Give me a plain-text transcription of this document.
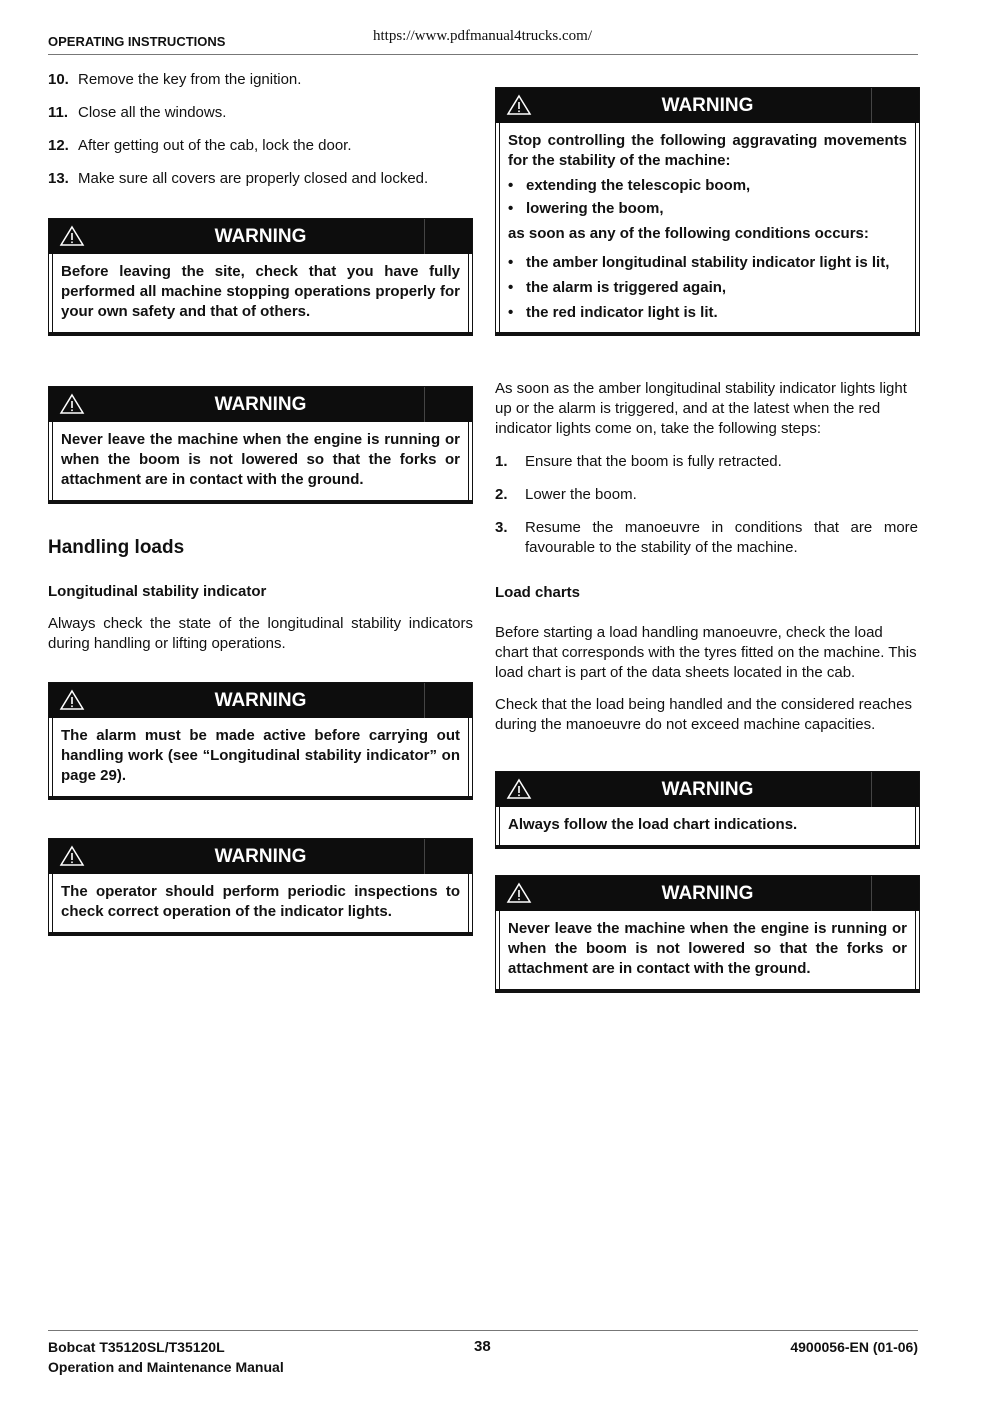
OPERATING INSTRUCTIONS	https://www.pdfmanual4trucks.com/
10. Remove the key from the ignition.
11. Close all the windows.
12. After getting out of the cab, lock the door.
13. Make sure all covers are properly closed and locked.
WARNING
Before leaving the site, check that you have fully performed all machine stopping operations properly for your own safety and that of others.
WARNING
Never leave the machine when the engine is running or when the boom is not lowered so that the forks or attachment are in contact with the ground.
Handling loads
Longitudinal stability indicator

Always check the state of the longitudinal stability indicators during handling or lifting operations.

WARNING
The alarm must be made active before carrying out handling work (see “Longitudinal stability indicator” on page 29).
WARNING
The operator should perform periodic inspections to check correct operation of the indicator lights.
WARNING

Stop controlling the following aggravating movements for the stability of the machine:

• extending the telescopic boom,
• lowering the boom,

as soon as any of the following conditions occurs:

• the amber longitudinal stability indicator light is lit,
• the alarm is triggered again,
• the red indicator light is lit.

As soon as the amber longitudinal stability indicator lights light up or the alarm is triggered, and at the latest when the red indicator lights come on, take the following steps:

1.	Ensure that the boom is fully retracted.
2.	Lower the boom.
3.	Resume the manoeuvre in conditions that are more favourable to the stability of the machine.
Load charts

Before starting a load handling manoeuvre, check the load chart that corresponds with the tyres fitted on the machine. This load chart is part of the data sheets located in the cab.

Check that the load being handled and the considered reaches during the manoeuvre do not exceed machine capacities.

WARNING
Always follow the load chart indications.
WARNING
Never leave the machine when the engine is running or when the boom is not lowered so that the forks or attachment are in contact with the ground.
Bobcat T35120SL/T35120L
Operation and Maintenance Manual
38	4900056-EN (01-06)
